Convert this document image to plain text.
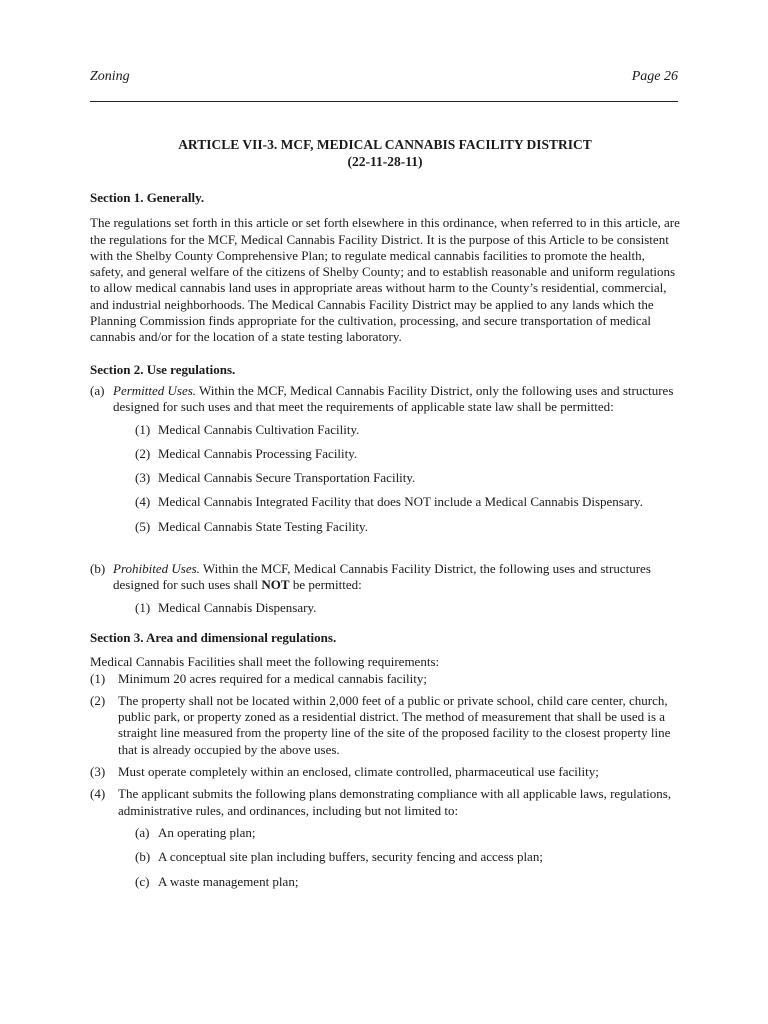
Zoning	Page 26
ARTICLE VII-3. MCF, MEDICAL CANNABIS FACILITY DISTRICT
(22-11-28-11)
Section 1. Generally.
The regulations set forth in this article or set forth elsewhere in this ordinance, when referred to in this article, are the regulations for the MCF, Medical Cannabis Facility District. It is the purpose of this Article to be consistent with the Shelby County Comprehensive Plan; to regulate medical cannabis facilities to promote the health, safety, and general welfare of the citizens of Shelby County; and to establish reasonable and uniform regulations to allow medical cannabis land uses in appropriate areas without harm to the County’s residential, commercial, and industrial neighborhoods. The Medical Cannabis Facility District may be applied to any lands which the Planning Commission finds appropriate for the cultivation, processing, and secure transportation of medical cannabis and/or for the location of a state testing laboratory.
Section 2. Use regulations.
(a) Permitted Uses. Within the MCF, Medical Cannabis Facility District, only the following uses and structures designed for such uses and that meet the requirements of applicable state law shall be permitted:
(1) Medical Cannabis Cultivation Facility.
(2) Medical Cannabis Processing Facility.
(3) Medical Cannabis Secure Transportation Facility.
(4) Medical Cannabis Integrated Facility that does NOT include a Medical Cannabis Dispensary.
(5) Medical Cannabis State Testing Facility.
(b) Prohibited Uses. Within the MCF, Medical Cannabis Facility District, the following uses and structures designed for such uses shall NOT be permitted:
(1) Medical Cannabis Dispensary.
Section 3. Area and dimensional regulations.
Medical Cannabis Facilities shall meet the following requirements:
(1) Minimum 20 acres required for a medical cannabis facility;
(2) The property shall not be located within 2,000 feet of a public or private school, child care center, church, public park, or property zoned as a residential district. The method of measurement that shall be used is a straight line measured from the property line of the site of the proposed facility to the closest property line that is already occupied by the above uses.
(3) Must operate completely within an enclosed, climate controlled, pharmaceutical use facility;
(4) The applicant submits the following plans demonstrating compliance with all applicable laws, regulations, administrative rules, and ordinances, including but not limited to:
(a) An operating plan;
(b) A conceptual site plan including buffers, security fencing and access plan;
(c) A waste management plan;
